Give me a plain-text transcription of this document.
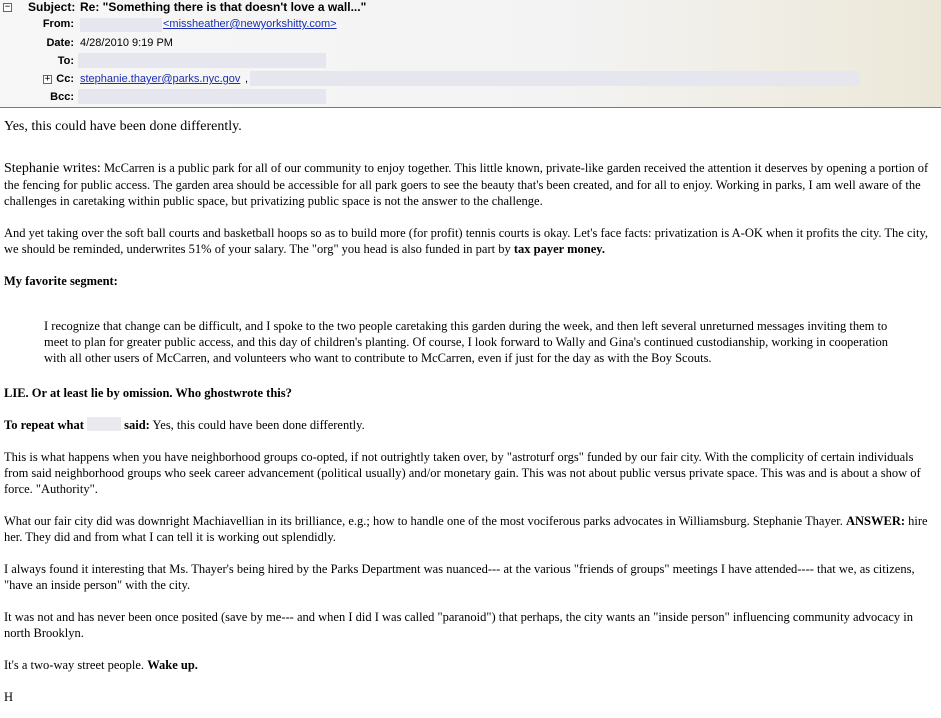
− Subject: Re: "Something there is that doesn't love a wall..."
From:	<missheather@newyorkshitty.com>
Date: 4/28/2010 9:19 PM
To:
+ Cc: stephanie.thayer@parks.nyc.gov ,
Bcc:

Yes, this could have been done differently.

Stephanie writes: McCarren is a public park for all of our community to enjoy together. This little known, private-like garden received the attention it deserves by opening a portion of the fencing for public access. The garden area should be accessible for all park goers to see the beauty that's been created, and for all to enjoy. Working in parks, I am well aware of the challenges in caretaking within public space, but privatizing public space is not the answer to the challenge.

And yet taking over the soft ball courts and basketball hoops so as to build more (for profit) tennis courts is okay. Let's face facts: privatization is A-OK when it profits the city. The city, we should be reminded, underwrites 51% of your salary. The "org" you head is also funded in part by tax payer money.

My favorite segment:

I recognize that change can be difficult, and I spoke to the two people caretaking this garden during the week, and then left several unreturned messages inviting them to meet to plan for greater public access, and this day of children's planting. Of course, I look forward to Wally and Gina's continued custodianship, working in cooperation with all other users of McCarren, and volunteers who want to contribute to McCarren, even if just for the day as with the Boy Scouts.

LIE. Or at least lie by omission. Who ghostwrote this?

To repeat what	said: Yes, this could have been done differently.

This is what happens when you have neighborhood groups co-opted, if not outrightly taken over, by "astroturf orgs" funded by our fair city. With the complicity of certain individuals from said neighborhood groups who seek career advancement (political usually) and/or monetary gain. This was not about public versus private space. This was and is about a show of force. "Authority".

What our fair city did was downright Machiavellian in its brilliance, e.g.; how to handle one of the most vociferous parks advocates in Williamsburg. Stephanie Thayer. ANSWER: hire her. They did and from what I can tell it is working out splendidly.

I always found it interesting that Ms. Thayer's being hired by the Parks Department was nuanced--- at the various "friends of groups" meetings I have attended---- that we, as citizens, "have an inside person" with the city.

It was not and has never been once posited (save by me--- and when I did I was called "paranoid") that perhaps, the city wants an "inside person" influencing community advocacy in north Brooklyn.

It's a two-way street people. Wake up.

H
